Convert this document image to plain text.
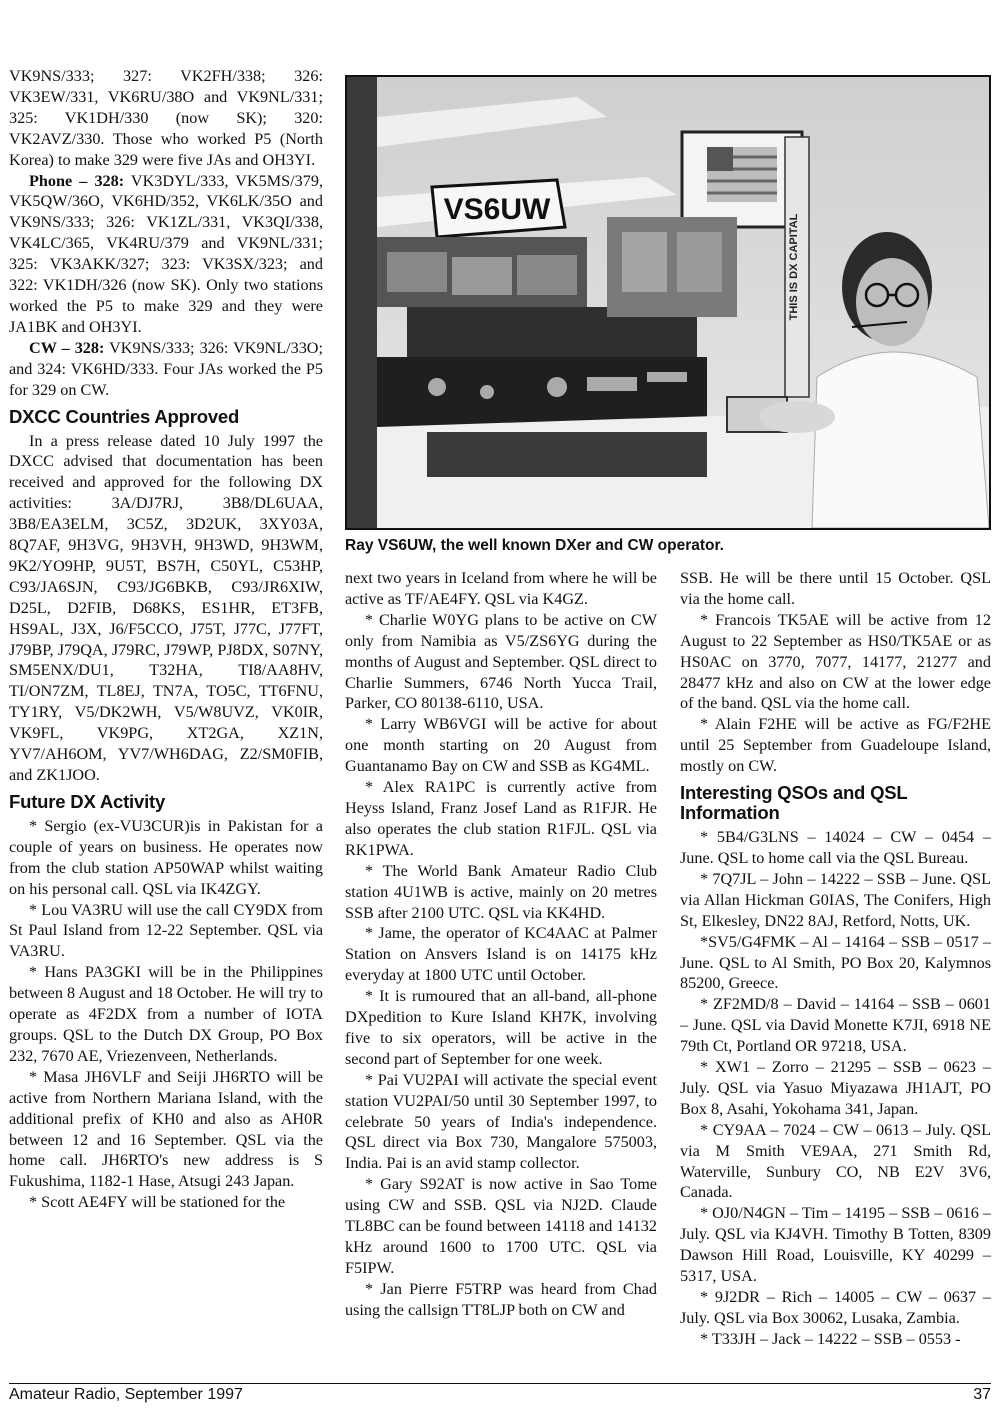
VK9NS/333; 327: VK2FH/338; 326: VK3EW/331, VK6RU/38O and VK9NL/331; 325: VK1DH/330 (now SK); 320: VK2AVZ/330. Those who worked P5 (North Korea) to make 329 were five JAs and OH3YI.

Phone – 328: VK3DYL/333, VK5MS/379, VK5QW/36O, VK6HD/352, VK6LK/35O and VK9NS/333; 326: VK1ZL/331, VK3QI/338, VK4LC/365, VK4RU/379 and VK9NL/331; 325: VK3AKK/327; 323: VK3SX/323; and 322: VK1DH/326 (now SK). Only two stations worked the P5 to make 329 and they were JA1BK and OH3YI.

CW – 328: VK9NS/333; 326: VK9NL/33O; and 324: VK6HD/333. Four JAs worked the P5 for 329 on CW.

DXCC Countries Approved

In a press release dated 10 July 1997 the DXCC advised that documentation has been received and approved for the following DX activities: 3A/DJ7RJ, 3B8/DL6UAA, 3B8/EA3ELM, 3C5Z, 3D2UK, 3XY03A, 8Q7AF, 9H3VG, 9H3VH, 9H3WD, 9H3WM, 9K2/YO9HP, 9U5T, BS7H, C50YL, C53HP, C93/JA6SJN, C93/JG6BKB, C93/JR6XIW, D25L, D2FIB, D68KS, ES1HR, ET3FB, HS9AL, J3X, J6/F5CCO, J75T, J77C, J77FT, J79BP, J79QA, J79RC, J79WP, PJ8DX, S07NY, SM5ENX/DU1, T32HA, TI8/AA8HV, TI/ON7ZM, TL8EJ, TN7A, TO5C, TT6FNU, TY1RY, V5/DK2WH, V5/W8UVZ, VK0IR, VK9FL, VK9PG, XT2GA, XZ1N, YV7/AH6OM, YV7/WH6DAG, Z2/SM0FIB, and ZK1JOO.

Future DX Activity

* Sergio (ex-VU3CUR)is in Pakistan for a couple of years on business. He operates now from the club station AP50WAP whilst waiting on his personal call. QSL via IK4ZGY.

* Lou VA3RU will use the call CY9DX from St Paul Island from 12-22 September. QSL via VA3RU.

* Hans PA3GKI will be in the Philippines between 8 August and 18 October. He will try to operate as 4F2DX from a number of IOTA groups. QSL to the Dutch DX Group, PO Box 232, 7670 AE, Vriezenveen, Netherlands.

* Masa JH6VLF and Seiji JH6RTO will be active from Northern Mariana Island, with the additional prefix of KH0 and also as AH0R between 12 and 16 September. QSL via the home call. JH6RTO's new address is S Fukushima, 1182-1 Hase, Atsugi 243 Japan.

* Scott AE4FY will be stationed for the

THIS IS DX CAPITAL
VS6UW
Ray VS6UW, the well known DXer and CW operator.

next two years in Iceland from where he will be active as TF/AE4FY. QSL via K4GZ.

* Charlie W0YG plans to be active on CW only from Namibia as V5/ZS6YG during the months of August and September. QSL direct to Charlie Summers, 6746 North Yucca Trail, Parker, CO 80138-6110, USA.

* Larry WB6VGI will be active for about one month starting on 20 August from Guantanamo Bay on CW and SSB as KG4ML.

* Alex RA1PC is currently active from Heyss Island, Franz Josef Land as R1FJR. He also operates the club station R1FJL. QSL via RK1PWA.

* The World Bank Amateur Radio Club station 4U1WB is active, mainly on 20 metres SSB after 2100 UTC. QSL via KK4HD.

* Jame, the operator of KC4AAC at Palmer Station on Ansvers Island is on 14175 kHz everyday at 1800 UTC until October.

* It is rumoured that an all-band, all-phone DXpedition to Kure Island KH7K, involving five to six operators, will be active in the second part of September for one week.

* Pai VU2PAI will activate the special event station VU2PAI/50 until 30 September 1997, to celebrate 50 years of India's independence. QSL direct via Box 730, Mangalore 575003, India. Pai is an avid stamp collector.

* Gary S92AT is now active in Sao Tome using CW and SSB. QSL via NJ2D. Claude TL8BC can be found between 14118 and 14132 kHz around 1600 to 1700 UTC. QSL via F5IPW.

* Jan Pierre F5TRP was heard from Chad using the callsign TT8LJP both on CW and

SSB. He will be there until 15 October. QSL via the home call.

* Francois TK5AE will be active from 12 August to 22 September as HS0/TK5AE or as HS0AC on 3770, 7077, 14177, 21277 and 28477 kHz and also on CW at the lower edge of the band. QSL via the home call.

* Alain F2HE will be active as FG/F2HE until 25 September from Guadeloupe Island, mostly on CW.

Interesting QSOs and QSL Information

* 5B4/G3LNS – 14024 – CW – 0454 – June. QSL to home call via the QSL Bureau.

* 7Q7JL – John – 14222 – SSB – June. QSL via Allan Hickman G0IAS, The Conifers, High St, Elkesley, DN22 8AJ, Retford, Notts, UK.

*SV5/G4FMK – Al – 14164 – SSB – 0517 – June. QSL to Al Smith, PO Box 20, Kalymnos 85200, Greece.

* ZF2MD/8 – David – 14164 – SSB – 0601 – June. QSL via David Monette K7JI, 6918 NE 79th Ct, Portland OR 97218, USA.

* XW1 – Zorro – 21295 – SSB – 0623 – July. QSL via Yasuo Miyazawa JH1AJT, PO Box 8, Asahi, Yokohama 341, Japan.

* CY9AA – 7024 – CW – 0613 – July. QSL via M Smith VE9AA, 271 Smith Rd, Waterville, Sunbury CO, NB E2V 3V6, Canada.

* OJ0/N4GN – Tim – 14195 – SSB – 0616 – July. QSL via KJ4VH. Timothy B Totten, 8309 Dawson Hill Road, Louisville, KY 40299 – 5317, USA.

* 9J2DR – Rich – 14005 – CW – 0637 – July. QSL via Box 30062, Lusaka, Zambia.

* T33JH – Jack – 14222 – SSB – 0553 -

Amateur Radio, September 1997	37
